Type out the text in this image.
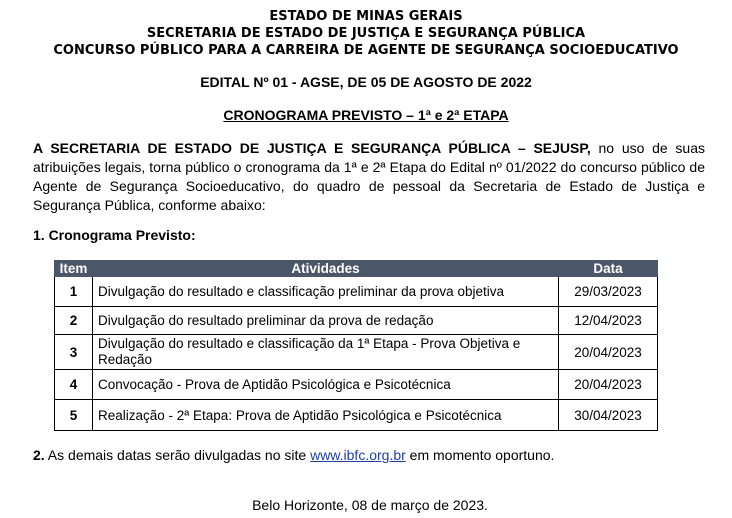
ESTADO DE MINAS GERAIS
SECRETARIA DE ESTADO DE JUSTIÇA E SEGURANÇA PÚBLICA
CONCURSO PÚBLICO PARA A CARREIRA DE AGENTE DE SEGURANÇA SOCIOEDUCATIVO
EDITAL Nº 01 - AGSE, DE 05 DE AGOSTO DE 2022
CRONOGRAMA PREVISTO – 1ª e 2ª ETAPA
A SECRETARIA DE ESTADO DE JUSTIÇA E SEGURANÇA PÚBLICA – SEJUSP, no uso de suas atribuições legais, torna público o cronograma da 1ª e 2ª Etapa do Edital nº 01/2022 do concurso público de Agente de Segurança Socioeducativo, do quadro de pessoal da Secretaria de Estado de Justiça e Segurança Pública, conforme abaixo:
1. Cronograma Previsto:
Item	Atividades	Data
1	Divulgação do resultado e classificação preliminar da prova objetiva	29/03/2023
2	Divulgação do resultado preliminar da prova de redação	12/04/2023
3	Divulgação do resultado e classificação da 1ª Etapa - Prova Objetiva e Redação	20/04/2023
4	Convocação - Prova de Aptidão Psicológica e Psicotécnica	20/04/2023
5	Realização - 2ª Etapa: Prova de Aptidão Psicológica e Psicotécnica	30/04/2023
2. As demais datas serão divulgadas no site www.ibfc.org.br em momento oportuno.
Belo Horizonte, 08 de março de 2023.
